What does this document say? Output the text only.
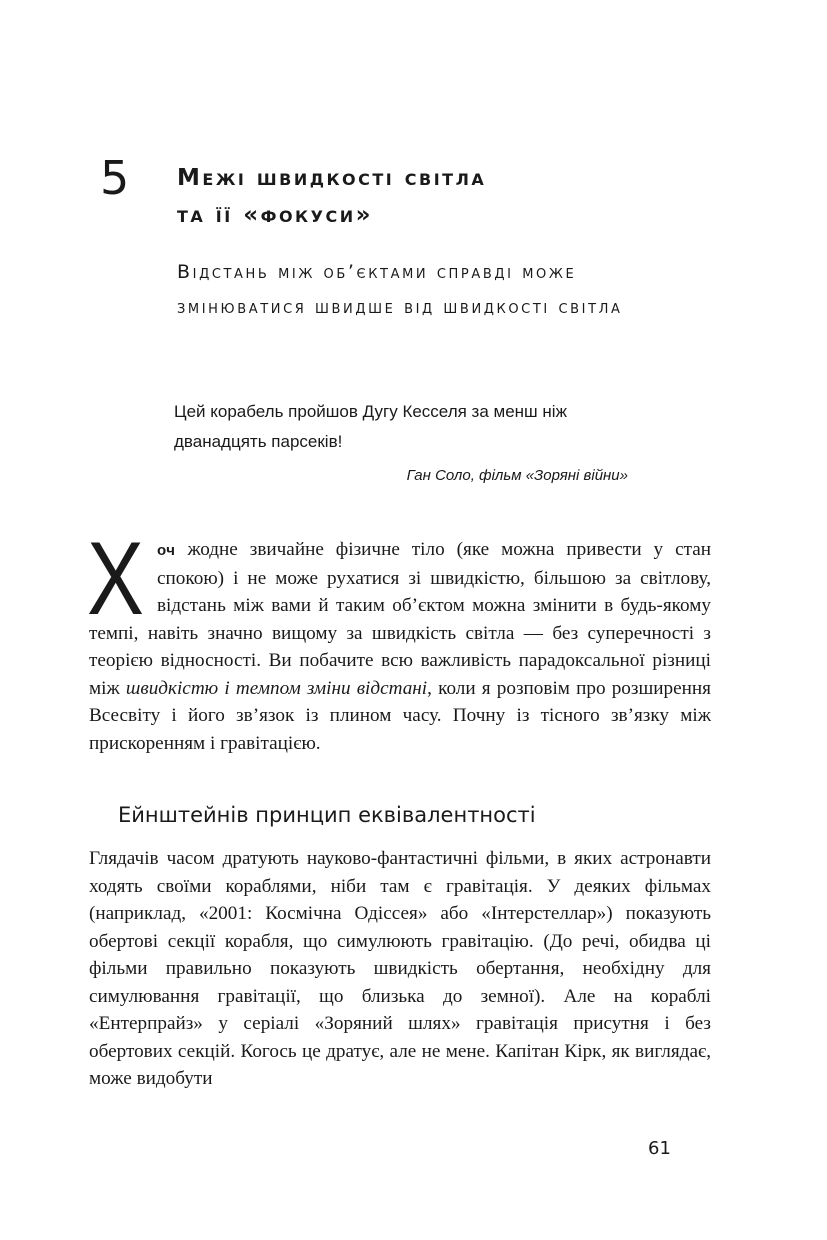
5 Межі швидкості світла
та її «фокуси»
Відстань між об’єктами справді може
змінюватися швидше від швидкості світла
Цей корабель пройшов Дугу Кесселя за менш ніж
дванадцять парсеків!
Ган Соло, фільм «Зоряні війни»

Хоч жодне звичайне фізичне тіло (яке можна привести у стан спокою) і не може рухатися зі швидкістю, більшою за світлову, відстань між вами й таким об’єктом можна змінити в будь-якому темпі, навіть значно вищому за швидкість світла — без суперечності з теорією відносності. Ви побачите всю важливість парадоксальної різниці між швидкістю і темпом зміни відстані, коли я розповім про розширення Всесвіту і його зв’язок із плином часу. Почну із тісного зв’язку між прискоренням і гравітацією.

Ейнштейнів принцип еквівалентності

Глядачів часом дратують науково-фантастичні фільми, в яких астронавти ходять своїми кораблями, ніби там є гравітація. У деяких фільмах (наприклад, «2001: Космічна Одіссея» або «Інтерстеллар») показують обертові секції корабля, що симулюють гравітацію. (До речі, обидва ці фільми правильно показують швидкість обертання, необхідну для симулювання гравітації, що близька до земної). Але на кораблі «Ентерпрайз» у серіалі «Зоряний шлях» гравітація присутня і без обертових секцій. Когось це дратує, але не мене. Капітан Кірк, як виглядає, може видобути

61
